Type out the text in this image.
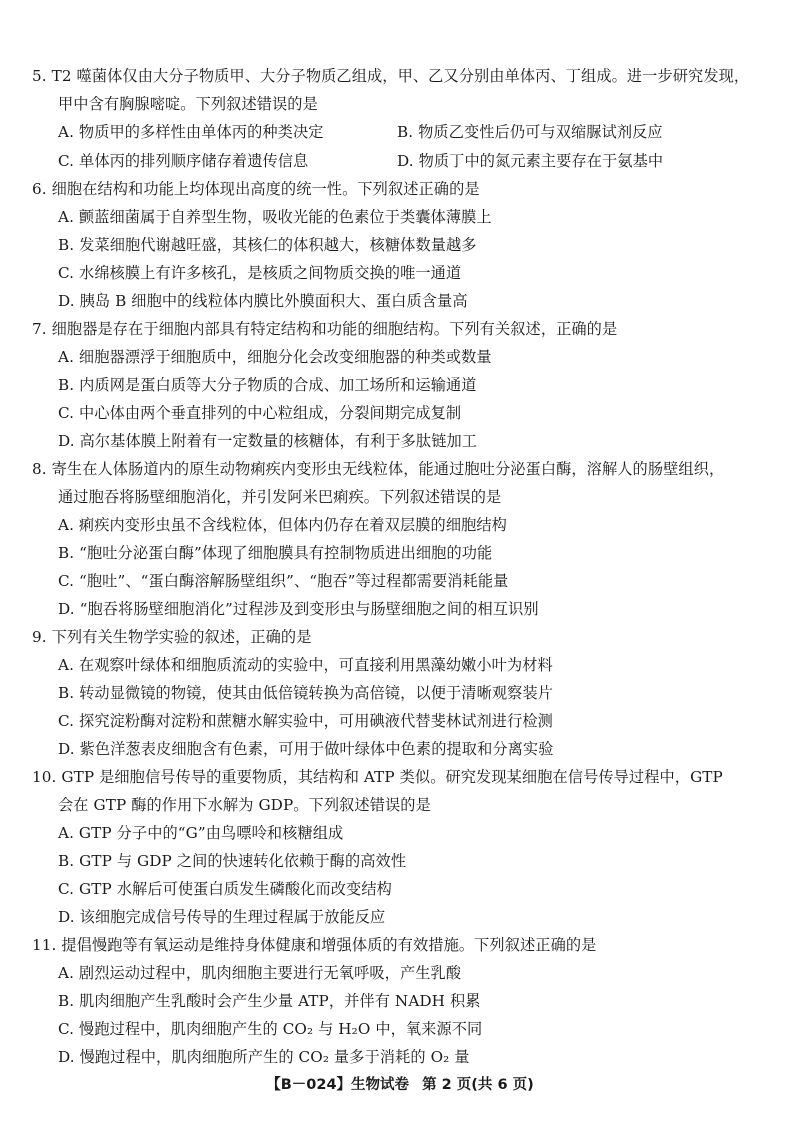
5. T2 噬菌体仅由大分子物质甲、大分子物质乙组成，甲、乙又分别由单体丙、丁组成。进一步研究发现，
甲中含有胸腺嘧啶。下列叙述错误的是
A. 物质甲的多样性由单体丙的种类决定	B. 物质乙变性后仍可与双缩脲试剂反应
C. 单体丙的排列顺序储存着遗传信息	D. 物质丁中的氮元素主要存在于氨基中
6. 细胞在结构和功能上均体现出高度的统一性。下列叙述正确的是
A. 颤蓝细菌属于自养型生物，吸收光能的色素位于类囊体薄膜上
B. 发菜细胞代谢越旺盛，其核仁的体积越大，核糖体数量越多
C. 水绵核膜上有许多核孔，是核质之间物质交换的唯一通道
D. 胰岛 B 细胞中的线粒体内膜比外膜面积大、蛋白质含量高
7. 细胞器是存在于细胞内部具有特定结构和功能的细胞结构。下列有关叙述，正确的是
A. 细胞器漂浮于细胞质中，细胞分化会改变细胞器的种类或数量
B. 内质网是蛋白质等大分子物质的合成、加工场所和运输通道
C. 中心体由两个垂直排列的中心粒组成，分裂间期完成复制
D. 高尔基体膜上附着有一定数量的核糖体，有利于多肽链加工
8. 寄生在人体肠道内的原生动物痢疾内变形虫无线粒体，能通过胞吐分泌蛋白酶，溶解人的肠壁组织，
通过胞吞将肠壁细胞消化，并引发阿米巴痢疾。下列叙述错误的是
A. 痢疾内变形虫虽不含线粒体，但体内仍存在着双层膜的细胞结构
B. “胞吐分泌蛋白酶”体现了细胞膜具有控制物质进出细胞的功能
C. “胞吐”、“蛋白酶溶解肠壁组织”、“胞吞”等过程都需要消耗能量
D. “胞吞将肠壁细胞消化”过程涉及到变形虫与肠壁细胞之间的相互识别
9. 下列有关生物学实验的叙述，正确的是
A. 在观察叶绿体和细胞质流动的实验中，可直接利用黑藻幼嫩小叶为材料
B. 转动显微镜的物镜，使其由低倍镜转换为高倍镜，以便于清晰观察装片
C. 探究淀粉酶对淀粉和蔗糖水解实验中，可用碘液代替斐林试剂进行检测
D. 紫色洋葱表皮细胞含有色素，可用于做叶绿体中色素的提取和分离实验
10. GTP 是细胞信号传导的重要物质，其结构和 ATP 类似。研究发现某细胞在信号传导过程中，GTP
会在 GTP 酶的作用下水解为 GDP。下列叙述错误的是
A. GTP 分子中的“G”由鸟嘌呤和核糖组成
B. GTP 与 GDP 之间的快速转化依赖于酶的高效性
C. GTP 水解后可使蛋白质发生磷酸化而改变结构
D. 该细胞完成信号传导的生理过程属于放能反应
11. 提倡慢跑等有氧运动是维持身体健康和增强体质的有效措施。下列叙述正确的是
A. 剧烈运动过程中，肌肉细胞主要进行无氧呼吸，产生乳酸
B. 肌肉细胞产生乳酸时会产生少量 ATP，并伴有 NADH 积累
C. 慢跑过程中，肌肉细胞产生的 CO₂ 与 H₂O 中，氧来源不同
D. 慢跑过程中，肌肉细胞所产生的 CO₂ 量多于消耗的 O₂ 量
【B－024】生物试卷 第 2 页(共 6 页)
